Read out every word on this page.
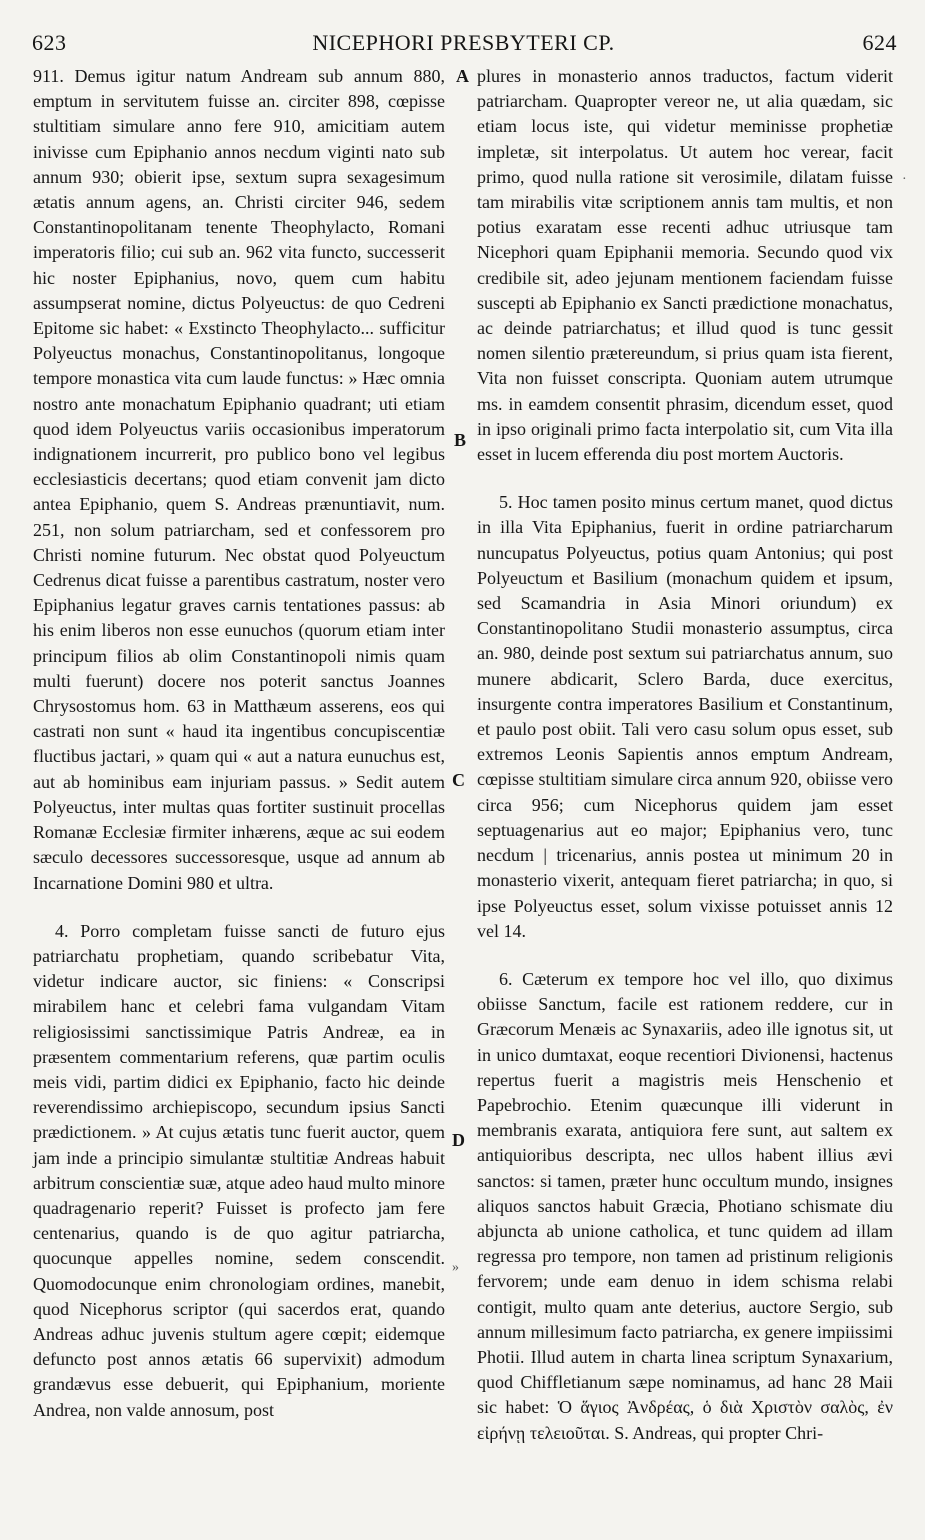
623	NICEPHORI PRESBYTERI CP.	624

911. Demus igitur natum Andream sub annum 880, emptum in servitutem fuisse an. circiter 898, cœpisse stultitiam simulare anno fere 910, amicitiam autem inivisse cum Epiphanio annos necdum viginti nato sub annum 930; obierit ipse, sextum supra sexagesimum ætatis annum agens, an. Christi circiter 946, sedem Constantinopolitanam tenente Theophylacto, Romani imperatoris filio; cui sub an. 962 vita functo, successerit hic noster Epiphanius, novo, quem cum habitu assumpserat nomine, dictus Polyeuctus: de quo Cedreni Epitome sic habet: « Exstincto Theophylacto... sufficitur Polyeuctus monachus, Constantinopolitanus, longoque tempore monastica vita cum laude functus: » Hæc omnia nostro ante monachatum Epiphanio quadrant; uti etiam quod idem Polyeuctus variis occasionibus imperatorum indignationem incurrerit, pro publico bono vel legibus ecclesiasticis decertans; quod etiam convenit jam dicto antea Epiphanio, quem S. Andreas prænuntiavit, num. 251, non solum patriarcham, sed et confessorem pro Christi nomine futurum. Nec obstat quod Polyeuctum Cedrenus dicat fuisse a parentibus castratum, noster vero Epiphanius legatur graves carnis tentationes passus: ab his enim liberos non esse eunuchos (quorum etiam inter principum filios ab olim Constantinopoli nimis quam multi fuerunt) docere nos poterit sanctus Joannes Chrysostomus hom. 63 in Matthæum asserens, eos qui castrati non sunt « haud ita ingentibus concupiscentiæ fluctibus jactari, » quam qui « aut a natura eunuchus est, aut ab hominibus eam injuriam passus. » Sedit autem Polyeuctus, inter multas quas fortiter sustinuit procellas Romanæ Ecclesiæ firmiter inhærens, æque ac sui eodem sæculo decessores successoresque, usque ad annum ab Incarnatione Domini 980 et ultra.

4. Porro completam fuisse sancti de futuro ejus patriarchatu prophetiam, quando scribebatur Vita, videtur indicare auctor, sic finiens: « Conscripsi mirabilem hanc et celebri fama vulgandam Vitam religiosissimi sanctissimique Patris Andreæ, ea in præsentem commentarium referens, quæ partim oculis meis vidi, partim didici ex Epiphanio, facto hic deinde reverendissimo archiepiscopo, secundum ipsius Sancti prædictionem. » At cujus ætatis tunc fuerit auctor, quem jam inde a principio simulantæ stultitiæ Andreas habuit arbitrum conscientiæ suæ, atque adeo haud multo minore quadragenario reperit? Fuisset is profecto jam fere centenarius, quando is de quo agitur patriarcha, quocunque appelles nomine, sedem conscendit. Quomodocunque enim chronologiam ordines, manebit, quod Nicephorus scriptor (qui sacerdos erat, quando Andreas adhuc juvenis stultum agere cœpit; eidemque defuncto post annos ætatis 66 supervixit) admodum grandævus esse debuerit, qui Epiphanium, moriente Andrea, non valde annosum, post

plures in monasterio annos traductos, factum viderit patriarcham. Quapropter vereor ne, ut alia quædam, sic etiam locus iste, qui videtur meminisse prophetiæ impletæ, sit interpolatus. Ut autem hoc verear, facit primo, quod nulla ratione sit verosimile, dilatam fuisse tam mirabilis vitæ scriptionem annis tam multis, et non potius exaratam esse recenti adhuc utriusque tam Nicephori quam Epiphanii memoria. Secundo quod vix credibile sit, adeo jejunam mentionem faciendam fuisse suscepti ab Epiphanio ex Sancti prædictione monachatus, ac deinde patriarchatus; et illud quod is tunc gessit nomen silentio prætereundum, si prius quam ista fierent, Vita non fuisset conscripta. Quoniam autem utrumque ms. in eamdem consentit phrasim, dicendum esset, quod in ipso originali primo facta interpolatio sit, cum Vita illa esset in lucem efferenda diu post mortem Auctoris.

5. Hoc tamen posito minus certum manet, quod dictus in illa Vita Epiphanius, fuerit in ordine patriarcharum nuncupatus Polyeuctus, potius quam Antonius; qui post Polyeuctum et Basilium (monachum quidem et ipsum, sed Scamandria in Asia Minori oriundum) ex Constantinopolitano Studii monasterio assumptus, circa an. 980, deinde post sextum sui patriarchatus annum, suo munere abdicarit, Sclero Barda, duce exercitus, insurgente contra imperatores Basilium et Constantinum, et paulo post obiit. Tali vero casu solum opus esset, sub extremos Leonis Sapientis annos emptum Andream, cœpisse stultitiam simulare circa annum 920, obiisse vero circa 956; cum Nicephorus quidem jam esset septuagenarius aut eo major; Epiphanius vero, tunc necdum | tricenarius, annis postea ut minimum 20 in monasterio vixerit, antequam fieret patriarcha; in quo, si ipse Polyeuctus esset, solum vixisse potuisset annis 12 vel 14.

6. Cæterum ex tempore hoc vel illo, quo diximus obiisse Sanctum, facile est rationem reddere, cur in Græcorum Menæis ac Synaxariis, adeo ille ignotus sit, ut in unico dumtaxat, eoque recentiori Divionensi, hactenus repertus fuerit a magistris meis Henschenio et Papebrochio. Etenim quæcunque illi viderunt in membranis exarata, antiquiora fere sunt, aut saltem ex antiquioribus descripta, nec ullos habent illius ævi sanctos: si tamen, præter hunc occultum mundo, insignes aliquos sanctos habuit Græcia, Photiano schismate diu abjuncta ab unione catholica, et tunc quidem ad illam regressa pro tempore, non tamen ad pristinum religionis fervorem; unde eam denuo in idem schisma relabi contigit, multo quam ante deterius, auctore Sergio, sub annum millesimum facto patriarcha, ex genere impiissimi Photii. Illud autem in charta linea scriptum Synaxarium, quod Chiffletianum sæpe nominamus, ad hanc 28 Maii sic habet: Ὁ ἅγιος Ἀνδρέας, ὁ διὰ Χριστὸν σαλὸς, ἐν εἰρήνῃ τελειοῦται. S. Andreas, qui propter Chri-

A
B
C
D
»
·
